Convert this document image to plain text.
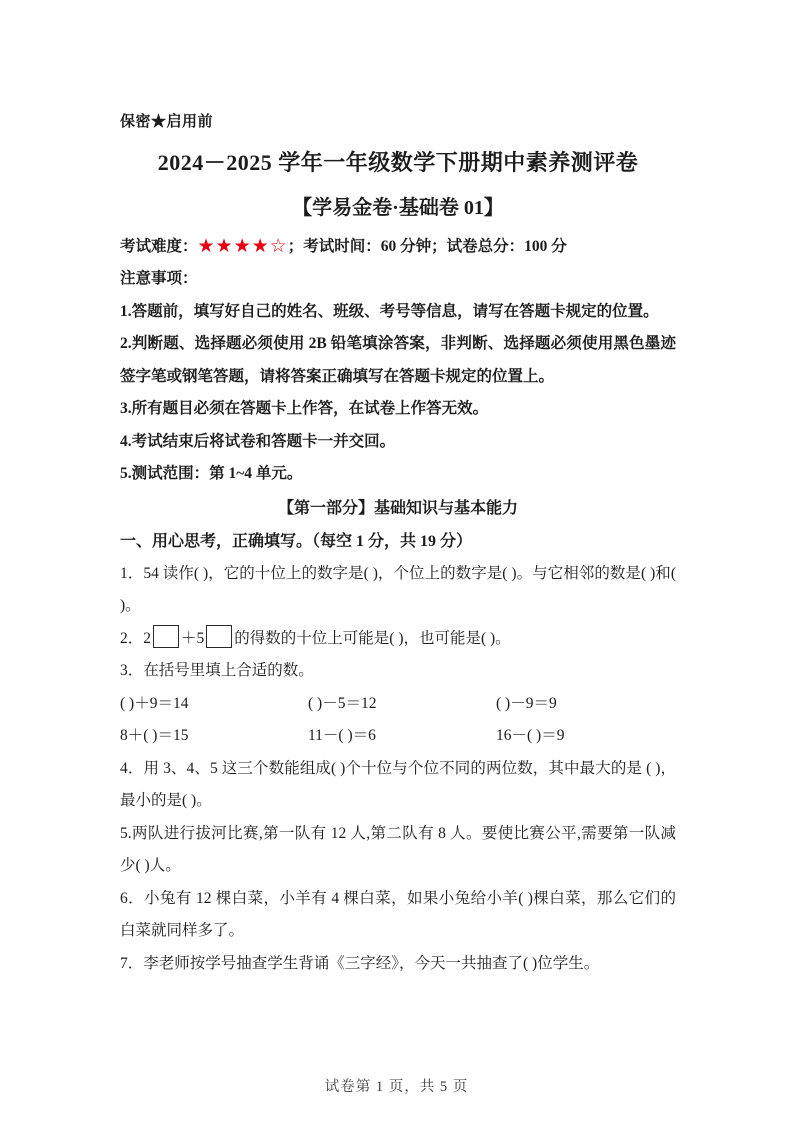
保密★启用前
2024－2025 学年一年级数学下册期中素养测评卷
【学易金卷·基础卷 01】

考试难度：★★★★☆；考试时间：60 分钟；试卷总分：100 分

注意事项：

1.答题前，填写好自己的姓名、班级、考号等信息，请写在答题卡规定的位置。

2.判断题、选择题必须使用 2B 铅笔填涂答案，非判断、选择题必须使用黑色墨迹签字笔或钢笔答题，请将答案正确填写在答题卡规定的位置上。

3.所有题目必须在答题卡上作答，在试卷上作答无效。

4.考试结束后将试卷和答题卡一并交回。

5.测试范围：第 1~4 单元。

【第一部分】基础知识与基本能力

一、用心思考，正确填写。（每空 1 分，共 19 分）

1．54 读作( )，它的十位上的数字是( )，个位上的数字是( )。与它相邻的数是( )和( )。

2．2 ＋5 的得数的十位上可能是( )，也可能是( )。

3．在括号里填上合适的数。

( )＋9＝14	( )－5＝12	( )－9＝9
8＋( )＝15	11－( )＝6	16－( )＝9

4．用 3、4、5 这三个数能组成( )个十位与个位不同的两位数，其中最大的是 ( )，最小的是( )。

5.两队进行拔河比赛,第一队有 12 人,第二队有 8 人。要使比赛公平,需要第一队减少( )人。

6．小兔有 12 棵白菜，小羊有 4 棵白菜，如果小兔给小羊( )棵白菜，那么它们的白菜就同样多了。

7．李老师按学号抽查学生背诵《三字经》，今天一共抽查了( )位学生。

试卷第 1 页，共 5 页
